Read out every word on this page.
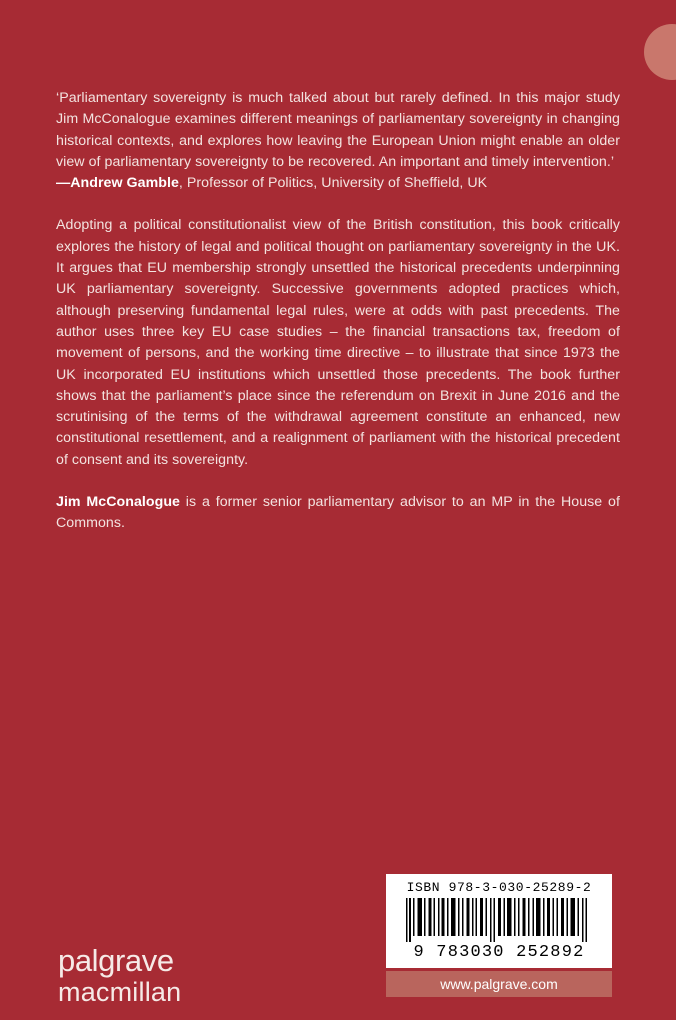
‘Parliamentary sovereignty is much talked about but rarely defined. In this major study Jim McConalogue examines different meanings of parliamentary sovereignty in changing historical contexts, and explores how leaving the European Union might enable an older view of parliamentary sovereignty to be recovered. An important and timely intervention.’

—Andrew Gamble, Professor of Politics, University of Sheffield, UK

Adopting a political constitutionalist view of the British constitution, this book critically explores the history of legal and political thought on parliamentary sovereignty in the UK. It argues that EU membership strongly unsettled the historical precedents underpinning UK parliamentary sovereignty. Successive governments adopted practices which, although preserving fundamental legal rules, were at odds with past precedents. The author uses three key EU case studies – the financial transactions tax, freedom of movement of persons, and the working time directive – to illustrate that since 1973 the UK incorporated EU institutions which unsettled those precedents. The book further shows that the parliament’s place since the referendum on Brexit in June 2016 and the scrutinising of the terms of the withdrawal agreement constitute an enhanced, new constitutional resettlement, and a realignment of parliament with the historical precedent of consent and its sovereignty.

Jim McConalogue is a former senior parliamentary advisor to an MP in the House of Commons.

palgrave
macmillan
ISBN 978-3-030-25289-2
9 783030 252892
www.palgrave.com
